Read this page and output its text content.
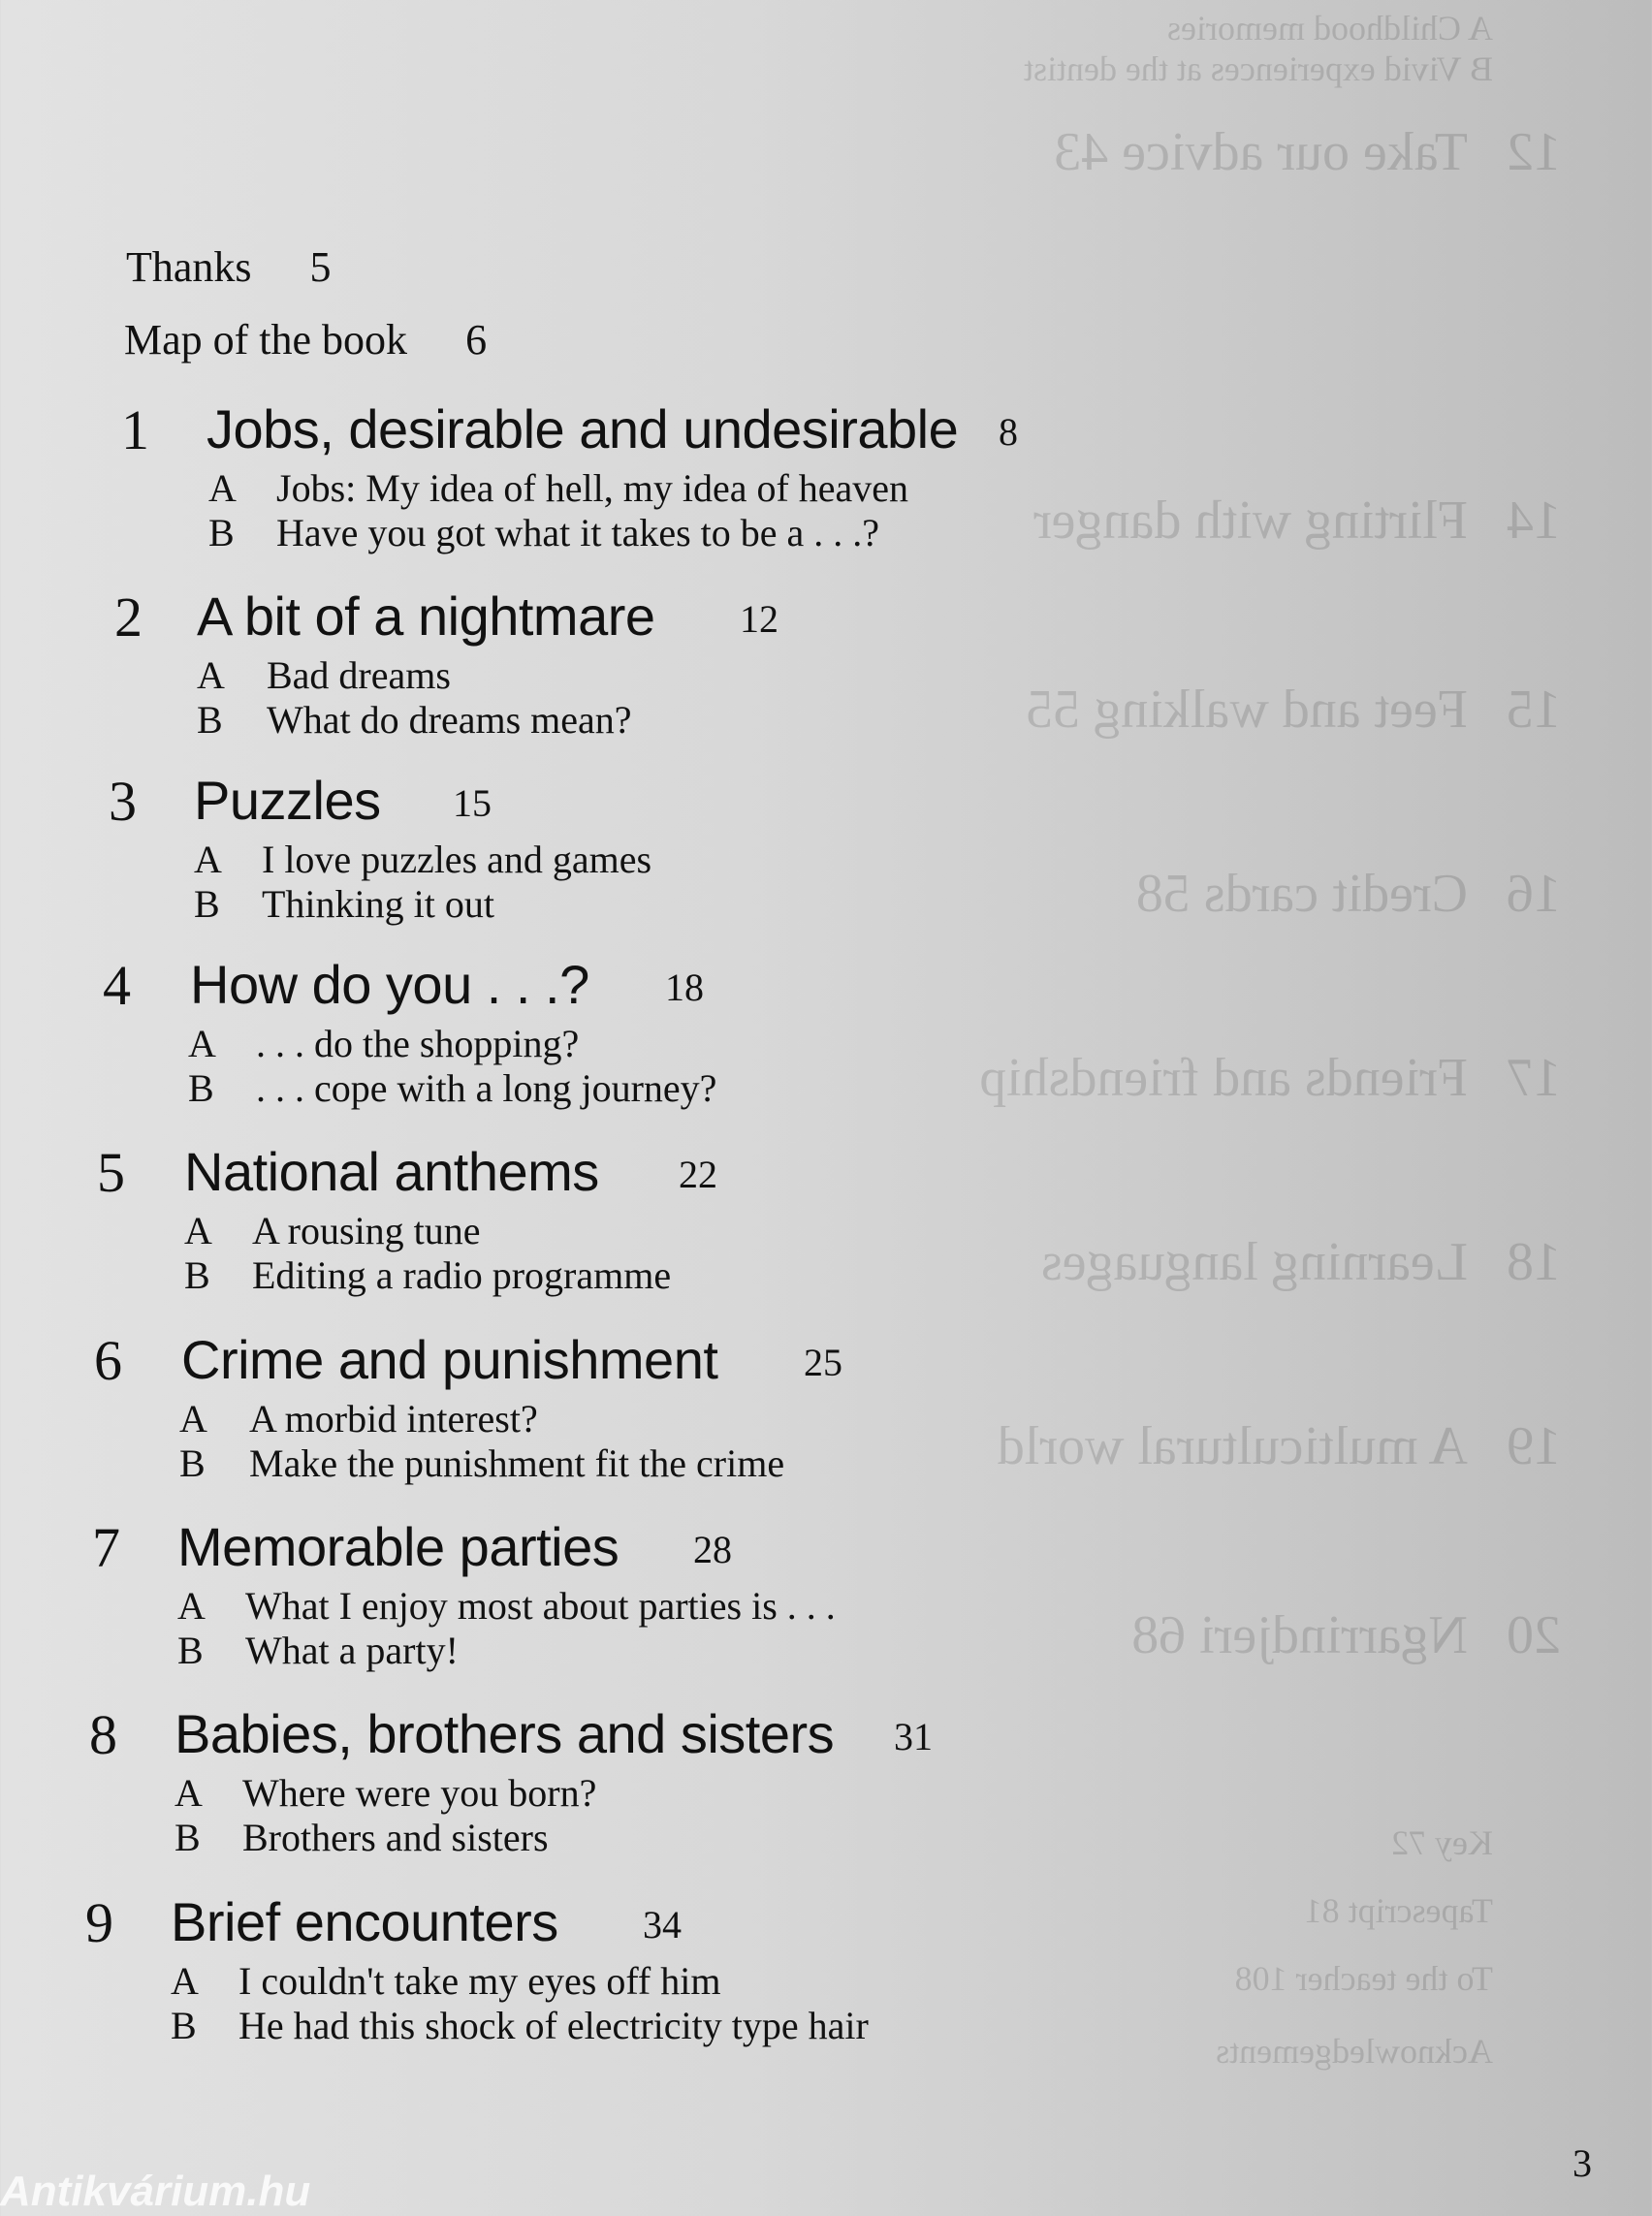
A Childhood memories
B Vivid experiences at the dentist
12Take our advice 43
14Flirting with danger
15Feet and walking 55
16Credit cards 58
17Friends and friendship
18Learning languages
19A multicultural world
20Ngarrindjeri 68
Key 72
Tapescript 81
To the teacher 108
Acknowledgements
Thanks 5
Map of the book 6
1 Jobs, desirable and undesirable 8
A Jobs: My idea of hell, my idea of heaven
B Have you got what it takes to be a . . .?
2 A bit of a nightmare 12
A Bad dreams
B What do dreams mean?
3 Puzzles 15
A I love puzzles and games
B Thinking it out
4 How do you . . .? 18
A . . . do the shopping?
B . . . cope with a long journey?
5 National anthems 22
A A rousing tune
B Editing a radio programme
6 Crime and punishment 25
A A morbid interest?
B Make the punishment fit the crime
7 Memorable parties 28
A What I enjoy most about parties is . . .
B What a party!
8 Babies, brothers and sisters 31
A Where were you born?
B Brothers and sisters
9 Brief encounters 34
A I couldn't take my eyes off him
B He had this shock of electricity type hair
3
Antikvárium.hu
